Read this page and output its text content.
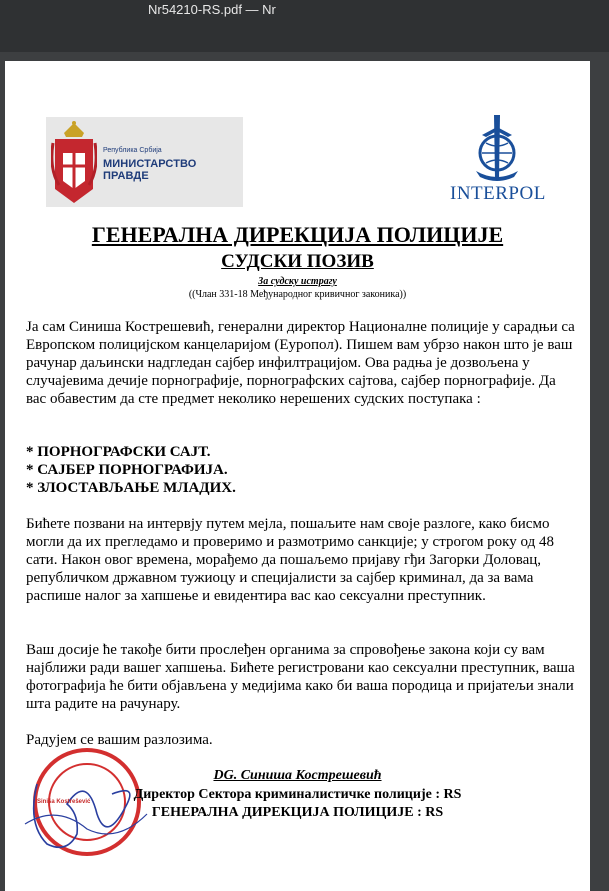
Nr54210-RS.pdf — Nr
Република Србија
МИНИСТАРСТВО ПРАВДЕ
INTERPOL
ГЕНЕРАЛНА ДИРЕКЦИЈА ПОЛИЦИЈЕ
СУДСКИ ПОЗИВ
За судску истрагу
((Члан 331-18 Међународног кривичног законика))

Ја сам Синиша Кострешевић, генерални директор Националне полиције у сарадњи са Европском полицијском канцеларијом (Еуропол). Пишем вам убрзо након што је ваш рачунар даљински надгледан сајбер инфилтрацијом. Ова радња је дозвољена у случајевима дечије порнографије, порнографских сајтова, сајбер порнографије. Да вас обавестим да сте предмет неколико нерешених судских поступака :

* ПОРНОГРАФСКИ САЈТ.
* САЈБЕР ПОРНОГРАФИЈА.
* ЗЛОСТАВЉАЊЕ МЛАДИХ.

Бићете позвани на интервју путем мејла, пошаљите нам своје разлоге, како бисмо могли да их прегледамо и проверимо и размотримо санкције; у строгом року од 48 сати. Након овог времена, морађемо да пошаљемо пријаву гђи Загорки Доловац, републичком државном тужиоцу и специјалисти за сајбер криминал, да за вама распише налог за хапшење и евидентира вас као сексуални преступник.

Ваш досије ће такође бити прослеђен органима за спровођење закона који су вам најближи ради вашег хапшења. Бићете регистровани као сексуални преступник, ваша фотографија ће бити објављена у медијима како би ваша породица и пријатељи знали шта радите на рачунару.

Радујем се вашим разлозима.

Siniša Kostrešević
DG. Синиша Кострешевић
Директор Сектора криминалистичке полиције : RS
ГЕНЕРАЛНА ДИРЕКЦИЈА ПОЛИЦИЈЕ : RS
